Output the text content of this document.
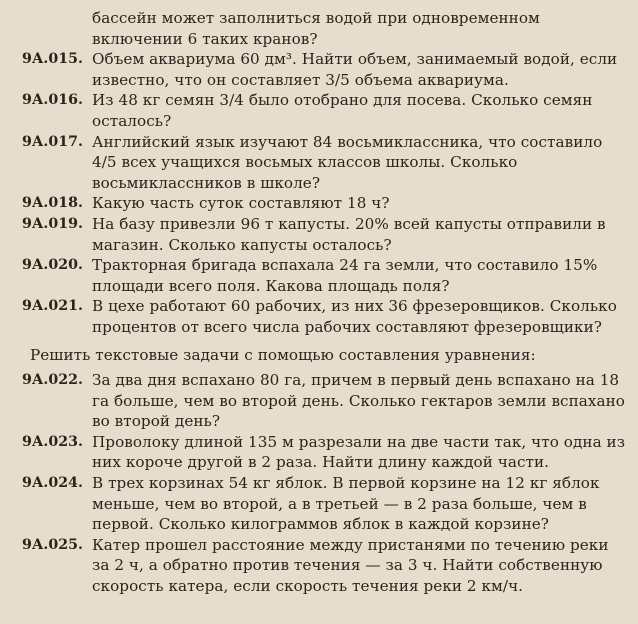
бассейн может заполниться водой при одновременном включении 6 таких кранов?
9А.015. Объем аквариума 60 дм³. Найти объем, занимаемый водой, если известно, что он составляет 3/5 объема аквариума.
9А.016. Из 48 кг семян 3/4 было отобрано для посева. Сколько семян осталось?
9А.017. Английский язык изучают 84 восьмиклассника, что составило 4/5 всех учащихся восьмых классов школы. Сколько восьмиклассников в школе?
9А.018. Какую часть суток составляют 18 ч?
9А.019. На базу привезли 96 т капусты. 20% всей капусты отправили в магазин. Сколько капусты осталось?
9А.020. Тракторная бригада вспахала 24 га земли, что составило 15% площади всего поля. Какова площадь поля?
9А.021. В цехе работают 60 рабочих, из них 36 фрезеровщиков. Сколько процентов от всего числа рабочих составляют фрезеровщики?
Решить текстовые задачи с помощью составления уравнения:
9А.022. За два дня вспахано 80 га, причем в первый день вспахано на 18 га больше, чем во второй день. Сколько гектаров земли вспахано во второй день?
9А.023. Проволоку длиной 135 м разрезали на две части так, что одна из них короче другой в 2 раза. Найти длину каждой части.
9А.024. В трех корзинах 54 кг яблок. В первой корзине на 12 кг яблок меньше, чем во второй, а в третьей — в 2 раза больше, чем в первой. Сколько килограммов яблок в каждой корзине?
9А.025. Катер прошел расстояние между пристанями по течению реки за 2 ч, а обратно против течения — за 3 ч. Найти собственную скорость катера, если скорость течения реки 2 км/ч.
